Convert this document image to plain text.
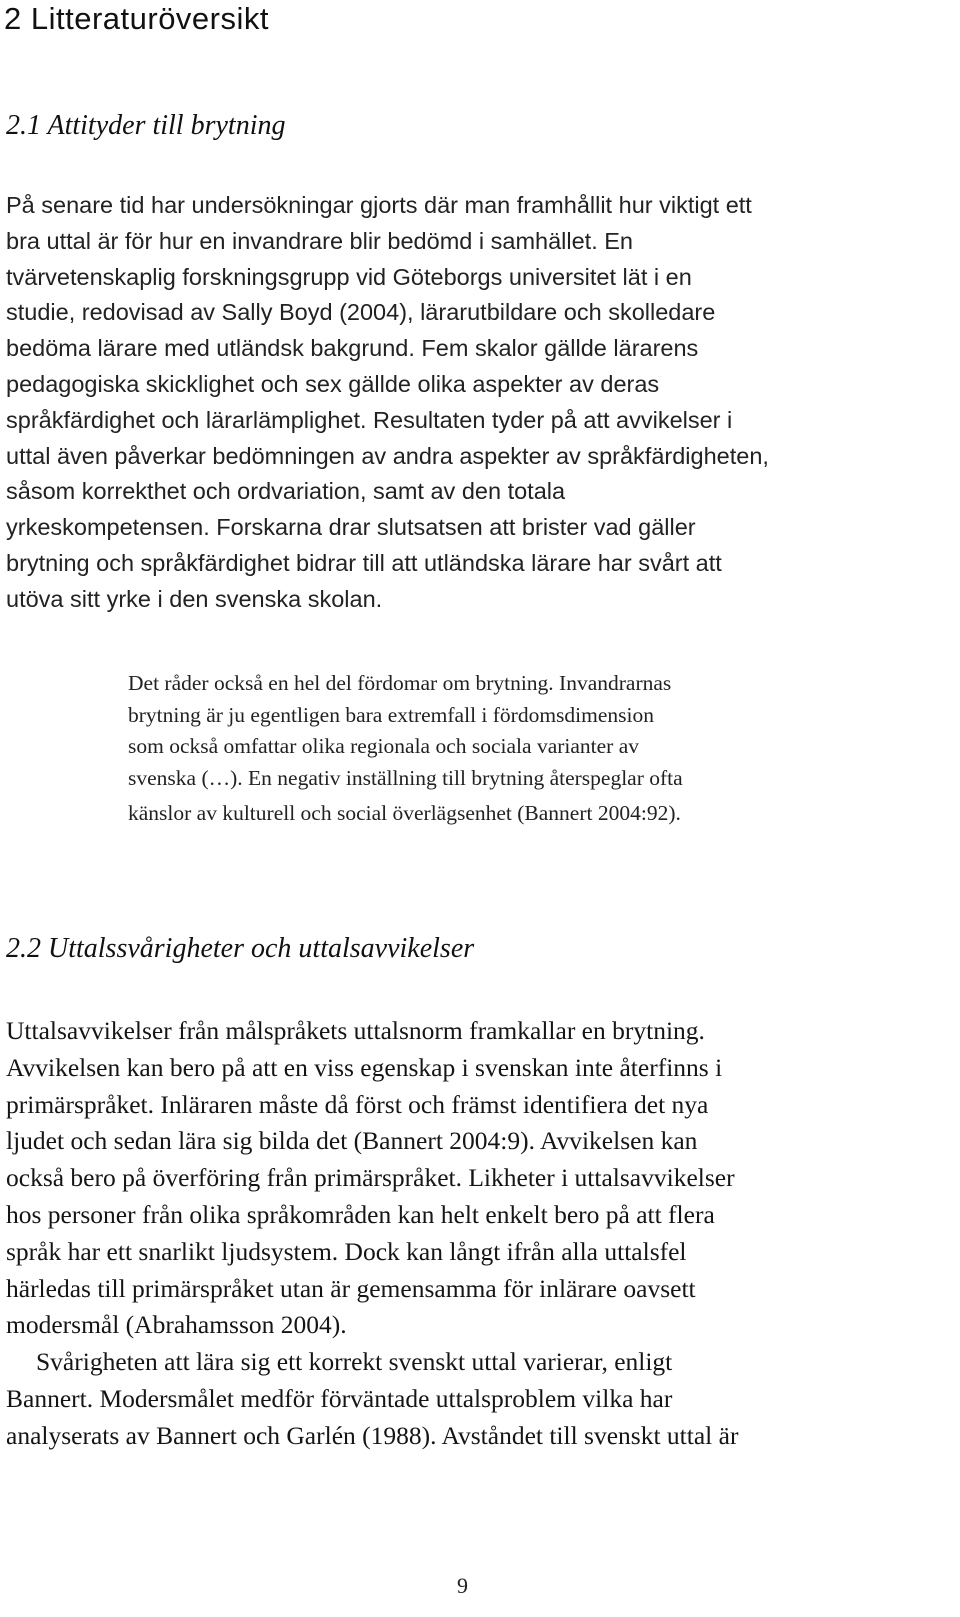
2 Litteraturöversikt
2.1 Attityder till brytning

På senare tid har undersökningar gjorts där man framhållit hur viktigt ett
bra uttal är för hur en invandrare blir bedömd i samhället. En
tvärvetenskaplig forskningsgrupp vid Göteborgs universitet lät i en
studie, redovisad av Sally Boyd (2004), lärarutbildare och skolledare
bedöma lärare med utländsk bakgrund. Fem skalor gällde lärarens
pedagogiska skicklighet och sex gällde olika aspekter av deras
språkfärdighet och lärarlämplighet. Resultaten tyder på att avvikelser i
uttal även påverkar bedömningen av andra aspekter av språkfärdigheten,
såsom korrekthet och ordvariation, samt av den totala
yrkeskompetensen. Forskarna drar slutsatsen att brister vad gäller
brytning och språkfärdighet bidrar till att utländska lärare har svårt att
utöva sitt yrke i den svenska skolan.

Det råder också en hel del fördomar om brytning. Invandrarnas
brytning är ju egentligen bara extremfall i fördomsdimension
som också omfattar olika regionala och sociala varianter av
svenska (…). En negativ inställning till brytning återspeglar ofta
känslor av kulturell och social överlägsenhet (Bannert 2004:92).
2.2 Uttalssvårigheter och uttalsavvikelser

Uttalsavvikelser från målspråkets uttalsnorm framkallar en brytning.
Avvikelsen kan bero på att en viss egenskap i svenskan inte återfinns i
primärspråket. Inläraren måste då först och främst identifiera det nya
ljudet och sedan lära sig bilda det (Bannert 2004:9). Avvikelsen kan
också bero på överföring från primärspråket. Likheter i uttalsavvikelser
hos personer från olika språkområden kan helt enkelt bero på att flera
språk har ett snarlikt ljudsystem. Dock kan långt ifrån alla uttalsfel
härledas till primärspråket utan är gemensamma för inlärare oavsett
modersmål (Abrahamsson 2004).

Svårigheten att lära sig ett korrekt svenskt uttal varierar, enligt
Bannert. Modersmålet medför förväntade uttalsproblem vilka har
analyserats av Bannert och Garlén (1988). Avståndet till svenskt uttal är

9
